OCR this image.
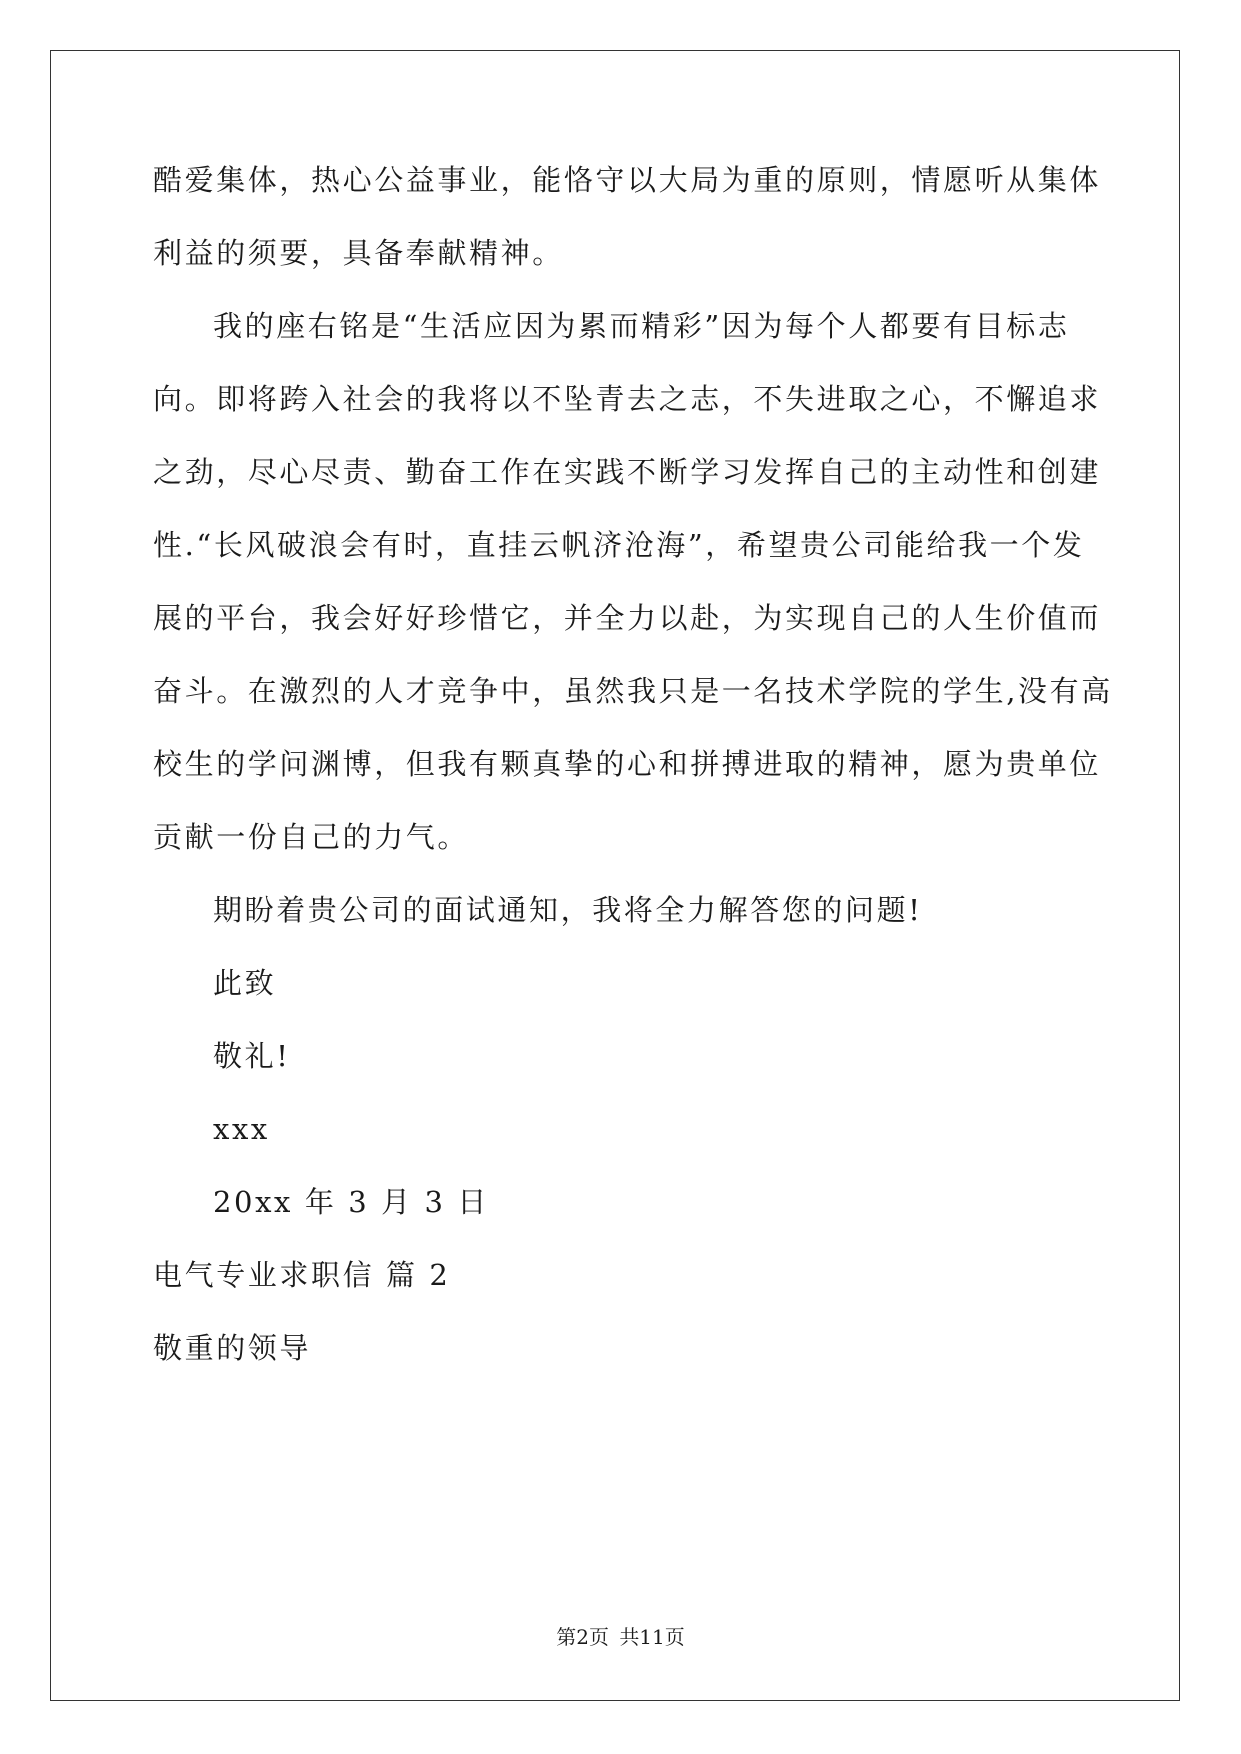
酷爱集体，热心公益事业，能恪守以大局为重的原则，情愿听从集体
利益的须要，具备奉献精神。
我的座右铭是“生活应因为累而精彩”因为每个人都要有目标志
向。即将跨入社会的我将以不坠青去之志，不失进取之心，不懈追求
之劲，尽心尽责、勤奋工作在实践不断学习发挥自己的主动性和创建
性.“长风破浪会有时，直挂云帆济沧海”，希望贵公司能给我一个发
展的平台，我会好好珍惜它，并全力以赴，为实现自己的人生价值而
奋斗。在激烈的人才竞争中，虽然我只是一名技术学院的学生,没有高
校生的学问渊博，但我有颗真挚的心和拼搏进取的精神，愿为贵单位
贡献一份自己的力气。
期盼着贵公司的面试通知，我将全力解答您的问题!
此致
敬礼!
xxx
20xx 年 3 月 3 日
电气专业求职信 篇 2
敬重的领导
第2页 共11页
